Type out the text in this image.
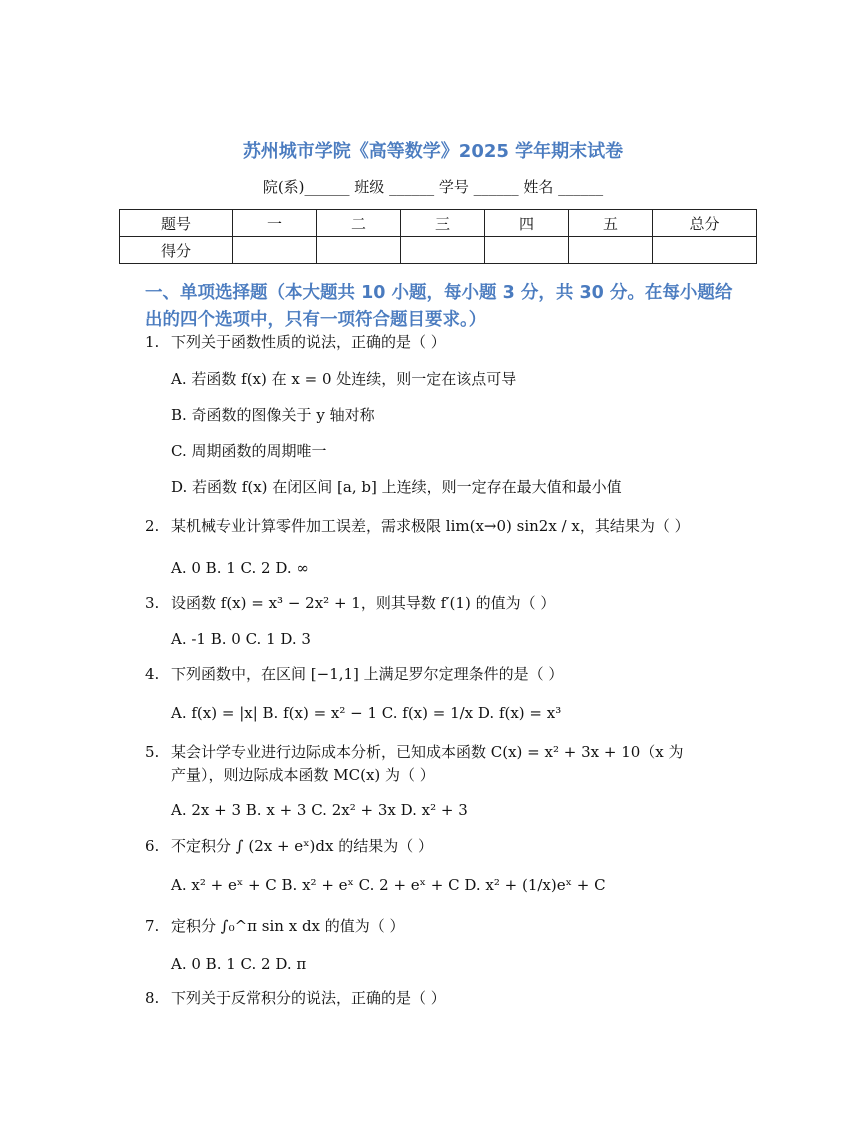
苏州城市学院《高等数学》2025 学年期末试卷
院(系)______ 班级 ______ 学号 ______ 姓名 ______
题号	一	二	三	四	五	总分
得分						
一、单项选择题（本大题共 10 小题，每小题 3 分，共 30 分。在每小题给出的四个选项中，只有一项符合题目要求。）
1. 下列关于函数性质的说法，正确的是（ ）
A. 若函数 f(x) 在 x = 0 处连续，则一定在该点可导
B. 奇函数的图像关于 y 轴对称
C. 周期函数的周期唯一
D. 若函数 f(x) 在闭区间 [a, b] 上连续，则一定存在最大值和最小值
2. 某机械专业计算零件加工误差，需求极限 lim(x→0) sin2x / x，其结果为（ ）
A. 0 B. 1 C. 2 D. ∞
3. 设函数 f(x) = x³ − 2x² + 1，则其导数 f′(1) 的值为（ ）
A. -1 B. 0 C. 1 D. 3
4. 下列函数中，在区间 [−1,1] 上满足罗尔定理条件的是（ ）
A. f(x) = |x| B. f(x) = x² − 1 C. f(x) = 1/x D. f(x) = x³
5. 某会计学专业进行边际成本分析，已知成本函数 C(x) = x² + 3x + 10（x 为
产量），则边际成本函数 MC(x) 为（ ）
A. 2x + 3 B. x + 3 C. 2x² + 3x D. x² + 3
6. 不定积分 ∫ (2x + eˣ)dx 的结果为（ ）
A. x² + eˣ + C B. x² + eˣ C. 2 + eˣ + C D. x² + (1/x)eˣ + C
7. 定积分 ∫₀^π sin x dx 的值为（ ）
A. 0 B. 1 C. 2 D. π
8. 下列关于反常积分的说法，正确的是（ ）
